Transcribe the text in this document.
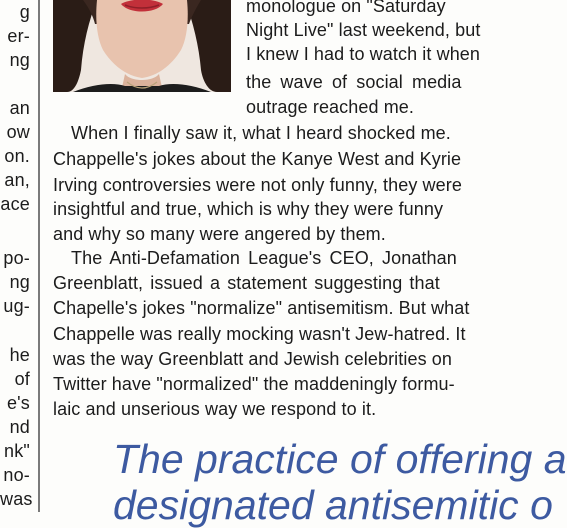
g
er-
ng
an
ow
on.
an,
ace
po-
ng
ug-
he
of
e's
nd
nk"
no-
was
monologue on "Saturday
Night Live" last weekend, but
I knew I had to watch it when
the wave of social media
outrage reached me.
When I finally saw it, what I heard shocked me.
Chappelle's jokes about the Kanye West and Kyrie
Irving controversies were not only funny, they were
insightful and true, which is why they were funny
and why so many were angered by them.
The Anti-Defamation League's CEO, Jonathan
Greenblatt, issued a statement suggesting that
Chapelle's jokes "normalize" antisemitism. But what
Chappelle was really mocking wasn't Jew-hatred. It
was the way Greenblatt and Jewish celebrities on
Twitter have "normalized" the maddeningly formu-
laic and unserious way we respond to it.
The practice of offering a
designated antisemitic o
